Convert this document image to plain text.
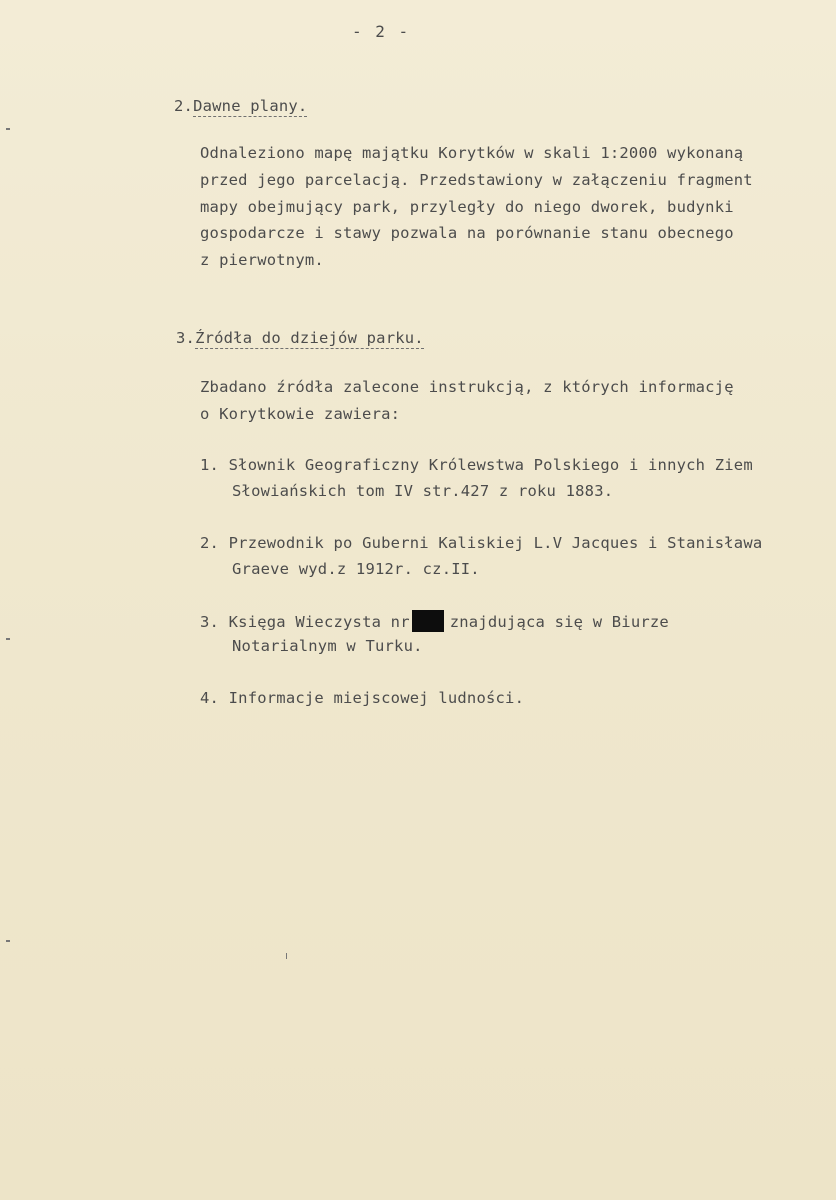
- 2 -
2.Dawne plany.
Odnaleziono mapę majątku Korytków w skali 1:2000 wykonaną
przed jego parcelacją. Przedstawiony w załączeniu fragment
mapy obejmujący park, przyległy do niego dworek, budynki
gospodarcze i stawy pozwala na porównanie stanu obecnego
z pierwotnym.
3.Źródła do dziejów parku.
Zbadano źródła zalecone instrukcją, z których informację
o Korytkowie zawiera:
1. Słownik Geograficzny Królewstwa Polskiego i innych Ziem
Słowiańskich tom IV str.427 z roku 1883.
2. Przewodnik po Guberni Kaliskiej L.V Jacques i Stanisława
Graeve wyd.z 1912r. cz.II.
3. Księga Wieczysta nr	znajdująca się w Biurze
Notarialnym w Turku.
4. Informacje miejscowej ludności.
